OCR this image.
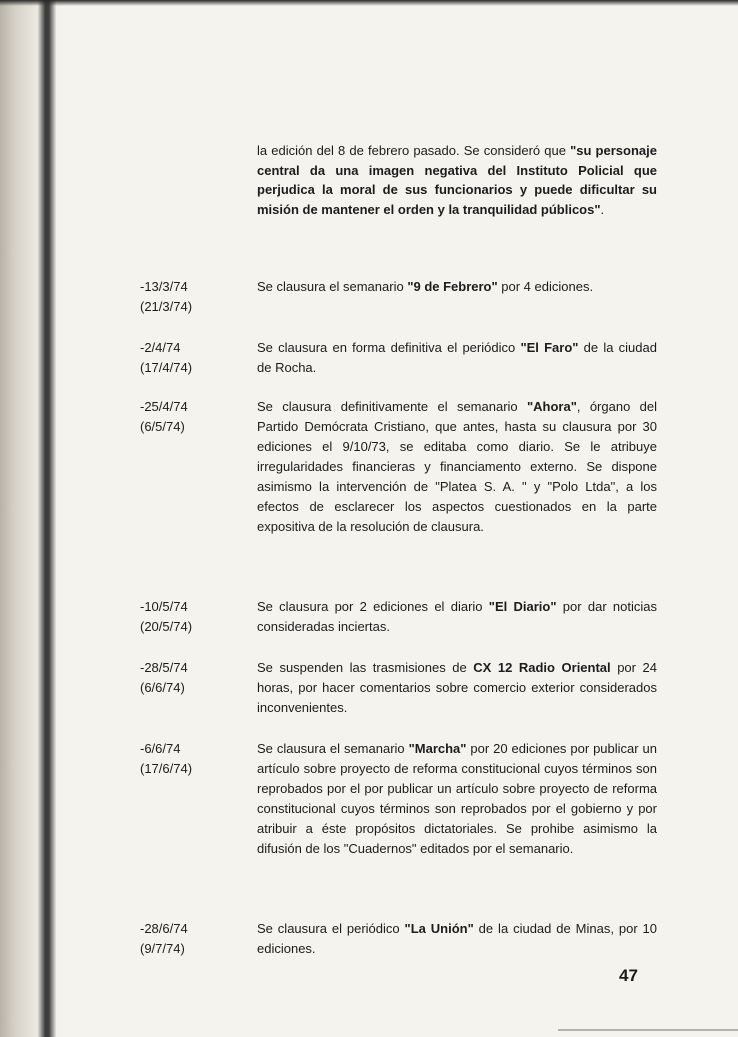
la edición del 8 de febrero pasado. Se consideró que "su personaje central da una imagen negativa del Instituto Policial que perjudica la moral de sus funcionarios y puede dificultar su misión de mantener el orden y la tranquilidad públicos".

-13/3/74
(21/3/74)

Se clausura el semanario "9 de Febrero" por 4 ediciones.

-2/4/74
(17/4/74)

Se clausura en forma definitiva el periódico "El Faro" de la ciudad de Rocha.

-25/4/74
(6/5/74)

Se clausura definitivamente el semanario "Ahora", órgano del Partido Demócrata Cristiano, que antes, hasta su clausura por 30 ediciones el 9/10/73, se editaba como diario. Se le atribuye irregularidades financieras y financiamento externo. Se dispone asimismo la intervención de "Platea S. A. " y "Polo Ltda", a los efectos de esclarecer los aspectos cuestionados en la parte expositiva de la resolución de clausura.

-10/5/74
(20/5/74)

Se clausura por 2 ediciones el diario "El Diario" por dar noticias consideradas inciertas.

-28/5/74
(6/6/74)

Se suspenden las trasmisiones de CX 12 Radio Oriental por 24 horas, por hacer comentarios sobre comercio exterior considerados inconvenientes.

-6/6/74
(17/6/74)

Se clausura el semanario "Marcha" por 20 ediciones por publicar un artículo sobre proyecto de reforma constitucional cuyos términos son reprobados por el por publicar un artículo sobre proyecto de reforma constitucional cuyos términos son reprobados por el gobierno y por atribuir a éste propósitos dictatoriales. Se prohibe asimismo la difusión de los "Cuadernos" editados por el semanario.

-28/6/74
(9/7/74)

Se clausura el periódico "La Unión" de la ciudad de Minas, por 10 ediciones.

47
